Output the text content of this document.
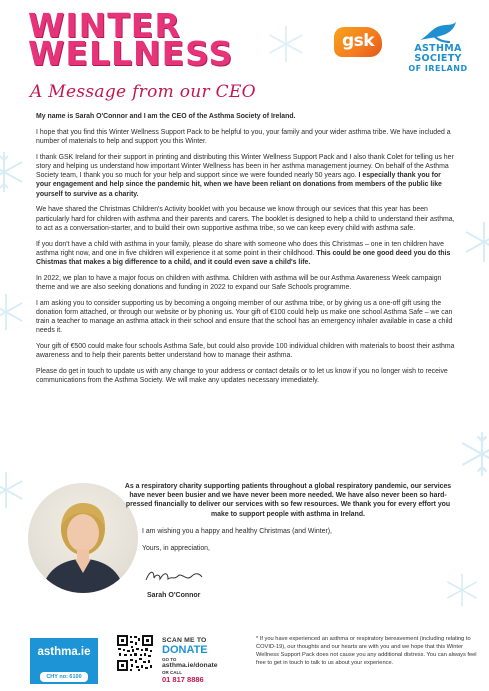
WINTER
WELLNESS
A Message from our CEO
gsk	ASTHMA
SOCIETY
OF IRELAND

My name is Sarah O'Connor and I am the CEO of the Asthma Society of Ireland.

I hope that you find this Winter Wellness Support Pack to be helpful to you, your family and your wider asthma tribe. We have included a number of materials to help and support you this Winter.

I thank GSK Ireland for their support in printing and distributing this Winter Wellness Support Pack and I also thank Colet for telling us her story and helping us understand how important Winter Wellness has been in her asthma management journey. On behalf of the Asthma Society team, I thank you so much for your help and support since we were founded nearly 50 years ago. I especially thank you for your engagement and help since the pandemic hit, when we have been reliant on donations from members of the public like yourself to survive as a charity.

We have shared the Christmas Children's Activity booklet with you because we know through our sevices that this year has been particularly hard for children with asthma and their parents and carers. The booklet is designed to help a child to understand their asthma, to act as a conversation-starter, and to build their own supportive asthma tribe, so we can keep every child with asthma safe.

If you don't have a child with asthma in your family, please do share with someone who does this Christmas – one in ten children have asthma right now, and one in five children will experience it at some point in their childhood. This could be one good deed you do this Chistmas that makes a big difference to a child, and it could even save a child's life.

In 2022, we plan to have a major focus on children with asthma. Children with asthma will be our Asthma Awareness Week campaign theme and we are also seeking donations and funding in 2022 to expand our Safe Schools programme.

I am asking you to consider supporting us by becoming a ongoing member of our asthma tribe, or by giving us a one-off gift using the donation form attached, or through our website or by phoning us. Your gift of €100 could help us make one school Asthma Safe – we can train a teacher to manage an asthma attack in their school and ensure that the school has an emergency inhaler available in case a child needs it.

Your gift of €500 could make four schools Asthma Safe, but could also provide 100 individual children with materials to boost their asthma awareness and to help their parents better understand how to manage their asthma.

Please do get in touch to update us with any change to your address or contact details or to let us know if you no longer wish to receive communications from the Asthma Society. We will make any updates necessary immediately.

As a respiratory charity supporting patients throughout a global respiratory pandemic, our services have never been busier and we have never been more needed. We have also never been so hard-pressed financially to deliver our services with so few resources. We thank you for every effort you make to support people with asthma in Ireland.
I am wishing you a happy and healthy Christmas (and Winter),
Yours, in appreciation,
Sarah O'Connor
asthma.ie
CHY no: 6100
SCAN ME TO
DONATE
GO TO
asthma.ie/donate
OR CALL
01 817 8886
* If you have experienced an asthma or respiratory bereavement (including relating to COVID-19), our thoughts and our hearts are with you and we hope that this Winter Wellness Support Pack does not cause you any additional distress. You can always feel free to get in touch to talk to us about your experience.
